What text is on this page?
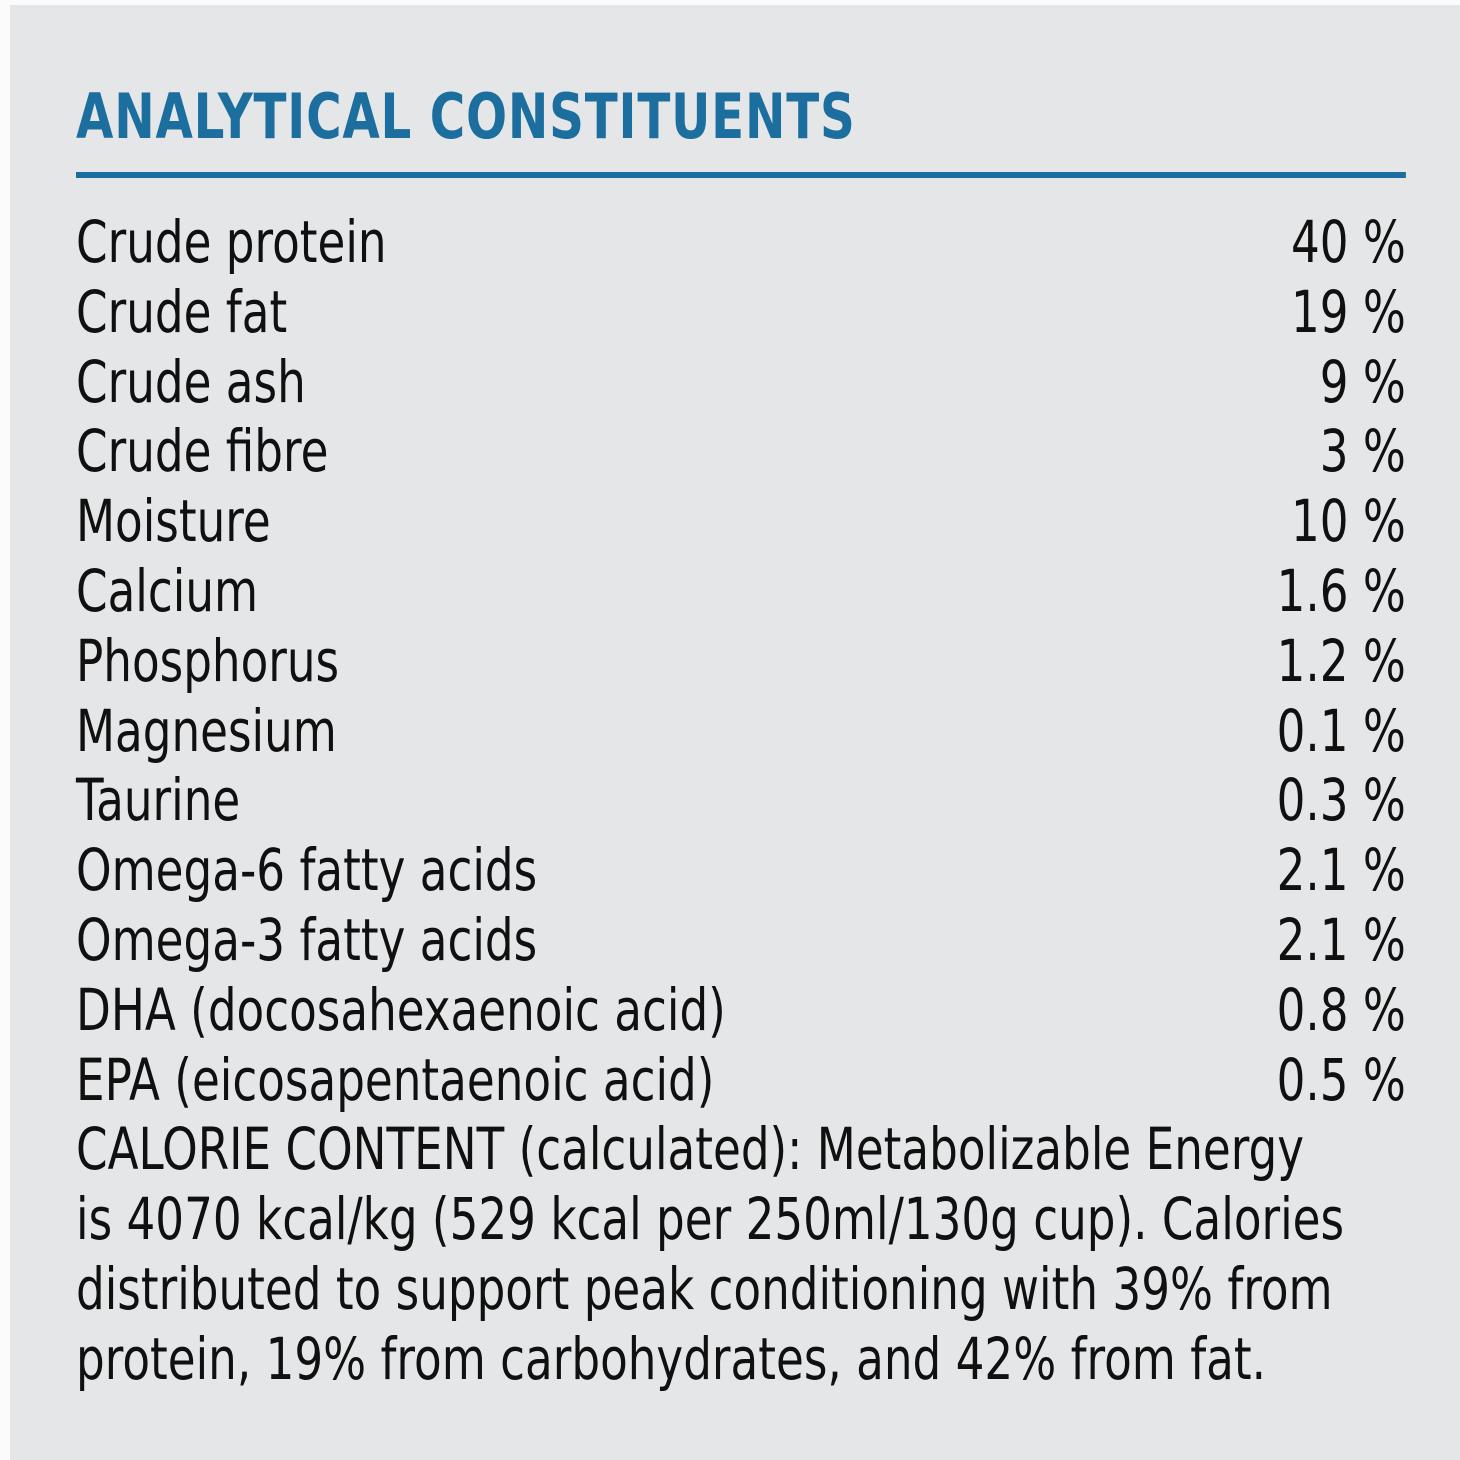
ANALYTICAL CONSTITUENTS
Crude protein	40 %
Crude fat	19 %
Crude ash	9 %
Crude fibre	3 %
Moisture	10 %
Calcium	1.6 %
Phosphorus	1.2 %
Magnesium	0.1 %
Taurine	0.3 %
Omega-6 fatty acids	2.1 %
Omega-3 fatty acids	2.1 %
DHA (docosahexaenoic acid)	0.8 %
EPA (eicosapentaenoic acid)	0.5 %
CALORIE CONTENT (calculated): Metabolizable Energy
is 4070 kcal/kg (529 kcal per 250ml/130g cup). Calories
distributed to support peak conditioning with 39% from
protein, 19% from carbohydrates, and 42% from fat.
